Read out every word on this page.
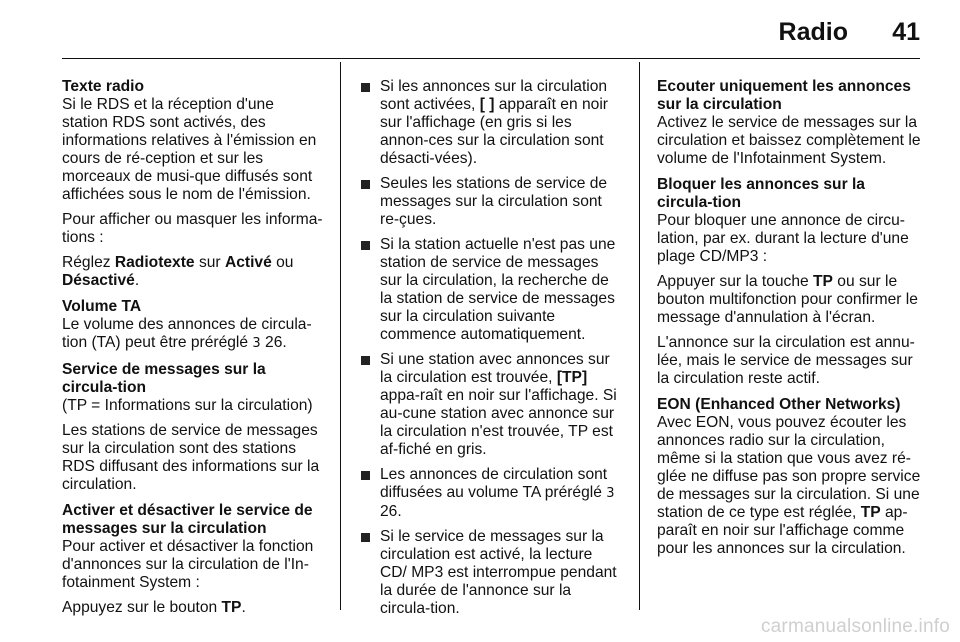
Radio 41
Texte radio

Si le RDS et la réception d'une station RDS sont activés, des informations relatives à l'émission en cours de ré-ception et sur les morceaux de musi-que diffusés sont affichées sous le nom de l'émission.

Pour afficher ou masquer les informa-tions :

Réglez Radiotexte sur Activé ou Désactivé.

Volume TA

Le volume des annonces de circula-tion (TA) peut être préréglé 3 26.

Service de messages sur la circula-tion

(TP = Informations sur la circulation)

Les stations de service de messages sur la circulation sont des stations RDS diffusant des informations sur la circulation.

Activer et désactiver le service de messages sur la circulation

Pour activer et désactiver la fonction d'annonces sur la circulation de l'In-fotainment System :

Appuyez sur le bouton TP.

Si les annonces sur la circulation sont activées, [ ] apparaît en noir sur l'affichage (en gris si les annon-ces sur la circulation sont désacti-vées).
Seules les stations de service de messages sur la circulation sont re-çues.
Si la station actuelle n'est pas une station de service de messages sur la circulation, la recherche de la station de service de messages sur la circulation suivante commence automatiquement.
Si une station avec annonces sur la circulation est trouvée, [TP] appa-raît en noir sur l'affichage. Si au-cune station avec annonce sur la circulation n'est trouvée, TP est af-fiché en gris.
Les annonces de circulation sont diffusées au volume TA préréglé 3 26.
Si le service de messages sur la circulation est activé, la lecture CD/ MP3 est interrompue pendant la durée de l'annonce sur la circula-tion.
Ecouter uniquement les annonces sur la circulation

Activez le service de messages sur la circulation et baissez complètement le volume de l'Infotainment System.

Bloquer les annonces sur la circula-tion

Pour bloquer une annonce de circu-lation, par ex. durant la lecture d'une plage CD/MP3 :

Appuyer sur la touche TP ou sur le bouton multifonction pour confirmer le message d'annulation à l'écran.

L'annonce sur la circulation est annu-lée, mais le service de messages sur la circulation reste actif.

EON (Enhanced Other Networks)

Avec EON, vous pouvez écouter les annonces radio sur la circulation, même si la station que vous avez ré-glée ne diffuse pas son propre service de messages sur la circulation. Si une station de ce type est réglée, TP ap-paraît en noir sur l'affichage comme pour les annonces sur la circulation.

carmanualsonline.info
